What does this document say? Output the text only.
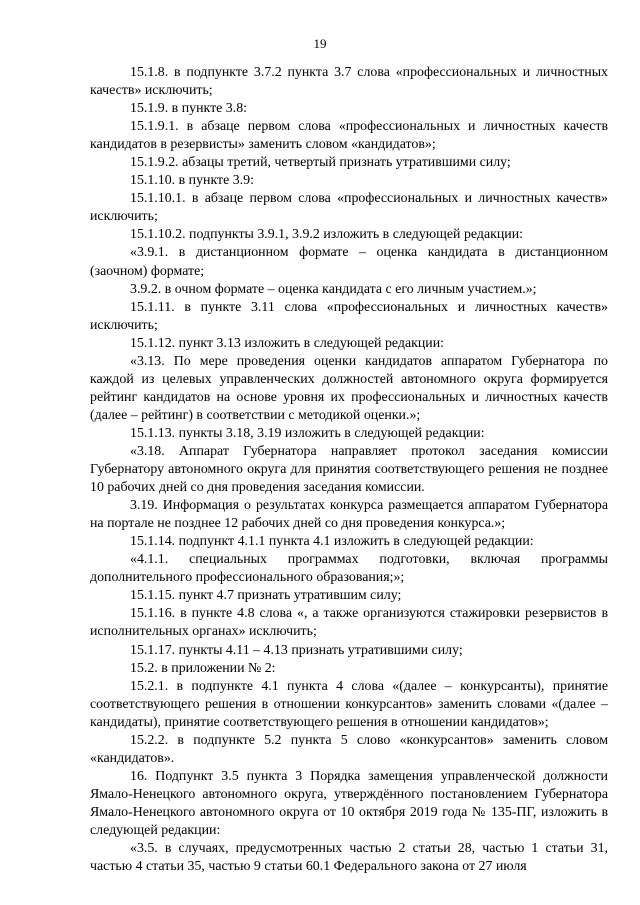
19

15.1.8. в подпункте 3.7.2 пункта 3.7 слова «профессиональных и личностных качеств» исключить;

15.1.9. в пункте 3.8:

15.1.9.1. в абзаце первом слова «профессиональных и личностных качеств кандидатов в резервисты» заменить словом «кандидатов»;

15.1.9.2. абзацы третий, четвертый признать утратившими силу;

15.1.10. в пункте 3.9:

15.1.10.1. в абзаце первом слова «профессиональных и личностных качеств» исключить;

15.1.10.2. подпункты 3.9.1, 3.9.2 изложить в следующей редакции:

«3.9.1. в дистанционном формате – оценка кандидата в дистанционном (заочном) формате;

3.9.2. в очном формате – оценка кандидата с его личным участием.»;

15.1.11. в пункте 3.11 слова «профессиональных и личностных качеств» исключить;

15.1.12. пункт 3.13 изложить в следующей редакции:

«3.13. По мере проведения оценки кандидатов аппаратом Губернатора по каждой из целевых управленческих должностей автономного округа формируется рейтинг кандидатов на основе уровня их профессиональных и личностных качеств (далее – рейтинг) в соответствии с методикой оценки.»;

15.1.13. пункты 3.18, 3.19 изложить в следующей редакции:

«3.18. Аппарат Губернатора направляет протокол заседания комиссии Губернатору автономного округа для принятия соответствующего решения не позднее 10 рабочих дней со дня проведения заседания комиссии.

3.19. Информация о результатах конкурса размещается аппаратом Губернатора на портале не позднее 12 рабочих дней со дня проведения конкурса.»;

15.1.14. подпункт 4.1.1 пункта 4.1 изложить в следующей редакции:

«4.1.1. специальных программах подготовки, включая программы дополнительного профессионального образования;»;

15.1.15. пункт 4.7 признать утратившим силу;

15.1.16. в пункте 4.8 слова «, а также организуются стажировки резервистов в исполнительных органах» исключить;

15.1.17. пункты 4.11 – 4.13 признать утратившими силу;

15.2. в приложении № 2:

15.2.1. в подпункте 4.1 пункта 4 слова «(далее – конкурсанты), принятие соответствующего решения в отношении конкурсантов» заменить словами «(далее – кандидаты), принятие соответствующего решения в отношении кандидатов»;

15.2.2. в подпункте 5.2 пункта 5 слово «конкурсантов» заменить словом «кандидатов».

16. Подпункт 3.5 пункта 3 Порядка замещения управленческой должности Ямало-Ненецкого автономного округа, утверждённого постановлением Губернатора Ямало-Ненецкого автономного округа от 10 октября 2019 года № 135-ПГ, изложить в следующей редакции:

«3.5. в случаях, предусмотренных частью 2 статьи 28, частью 1 статьи 31, частью 4 статьи 35, частью 9 статьи 60.1 Федерального закона от 27 июля
